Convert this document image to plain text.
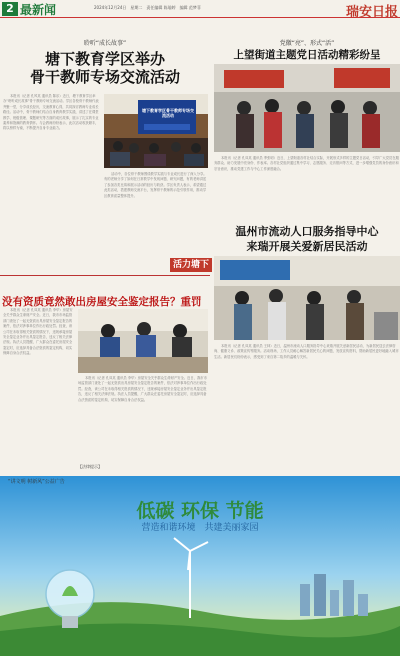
2 最新闻	2024年12月24日　星期二　责任编辑 陈瑜婷　编辑 范梦菲	瑞安日报
聆听“成长故事”
塘下教育学区举办
骨干教师专场交流活动

本报讯（记者 孔风英 通讯员 陈乐）近日，塘下教育学区举办“聆听成长故事”骨干教师专场交流活动。学区各校骨干教师代表齐聚一堂，分享成长经历，交流教育心得，共同探讨教师专业成长路径。活动中，骨干教师们结合自身教育教学实践，讲述了在课堂教学、班级管理、课题研究等方面的成长故事，展示了扎实的专业素养和饱满的教育情怀。与会教师纷纷表示，此次活动收获颇丰，将以榜样为镜，不断提升自身专业能力。

塘下教育学区骨干教师专场交流活动

活动中，各位骨干教师围绕教学实践与专业成长进行了深入分享。有的老师分享了如何在日常教学中发现问题、研究问题，有的老师讲述了参加各类比赛和展示活动的经历与收获。学区负责人表示，希望通过此类活动，搭建教师交流平台，发挥骨干教师的示范引领作用，推动学区教育质量整体提升。

活力塘下
党徽“亮”、形式“活”
上望街道主题党日活动精彩纷呈

本报讯（记者 孔凤英 通讯员 季张明）近日，上望街道各村社结合实际，开展形式多样的主题党日活动，引导广大党员在服务群众、助力发展中亮身份、作表率。各村社党组织通过集中学习、志愿服务、走访慰问等方式，进一步增强党员的身份意识和宗旨意识，推动党建工作与中心工作深度融合。

温州市流动人口服务指导中心
来瑞开展关爱新居民活动

本报讯（记者 孔凤英 通讯员 王林）近日，温州市流动人口服务指导中心来瑞开展关爱新居民活动，为新居民送去法律咨询、健康义诊、政策宣传等服务。活动现场，工作人员耐心解答新居民关心的问题，发放宣传资料，帮助新居民更好地融入城市生活。新居民们纷纷表示，感受到了来自第二故乡的温暖与关怀。

没有资质竟然敢出房屋安全鉴定报告？重罚

本报讯（记者 孔凤英 通讯员 李华）房屋安全关乎群众生命财产安全。近日，我市市场监管部门查处了一起无资质出具房屋安全鉴定报告的案件，依法对涉事单位作出行政处罚。经查，该公司在未取得相关资质的情况下，违规承接房屋安全鉴定业务并出具鉴定报告，违反了相关法律法规。执法人员提醒，广大群众在委托房屋安全鉴定时，应选择具备合法资质的鉴定机构，切实保障自身合法权益。

本报讯（记者 孔凤英 通讯员 李华）房屋安全关乎群众生命财产安全。近日，我市市场监管部门查处了一起无资质出具房屋安全鉴定报告的案件，依法对涉事单位作出行政处罚。经查，该公司在未取得相关资质的情况下，违规承接房屋安全鉴定业务并出具鉴定报告，违反了相关法律法规。执法人员提醒，广大群众在委托房屋安全鉴定时，应选择具备合法资质的鉴定机构，切实保障自身合法权益。

【法律提示】
低碳 环保 节能
营造和谐环境　共建美丽家园
“讲文明 树新风”公益广告
